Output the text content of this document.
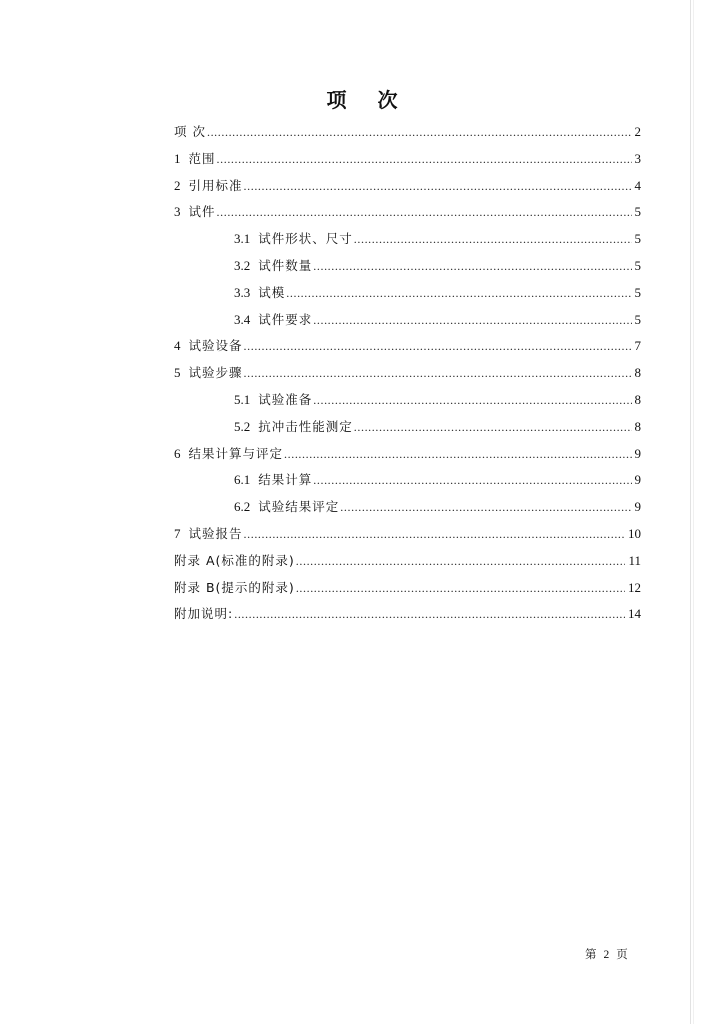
项 次
项 次 .....	2
1 范围 .....	3
2 引用标准 .....	4
3 试件 .....	5
3.1 试件形状、尺寸 .....	5
3.2 试件数量 .....	5
3.3 试模 .....	5
3.4 试件要求 .....	5
4 试验设备 .....	7
5 试验步骤 .....	8
5.1 试验准备 .....	8
5.2 抗冲击性能测定 .....	8
6 结果计算与评定 .....	9
6.1 结果计算 .....	9
6.2 试验结果评定 .....	9
7 试验报告 .....	10
附录 A(标准的附录) .....	11
附录 B(提示的附录) .....	12
附加说明: .....	14
第 2 页
